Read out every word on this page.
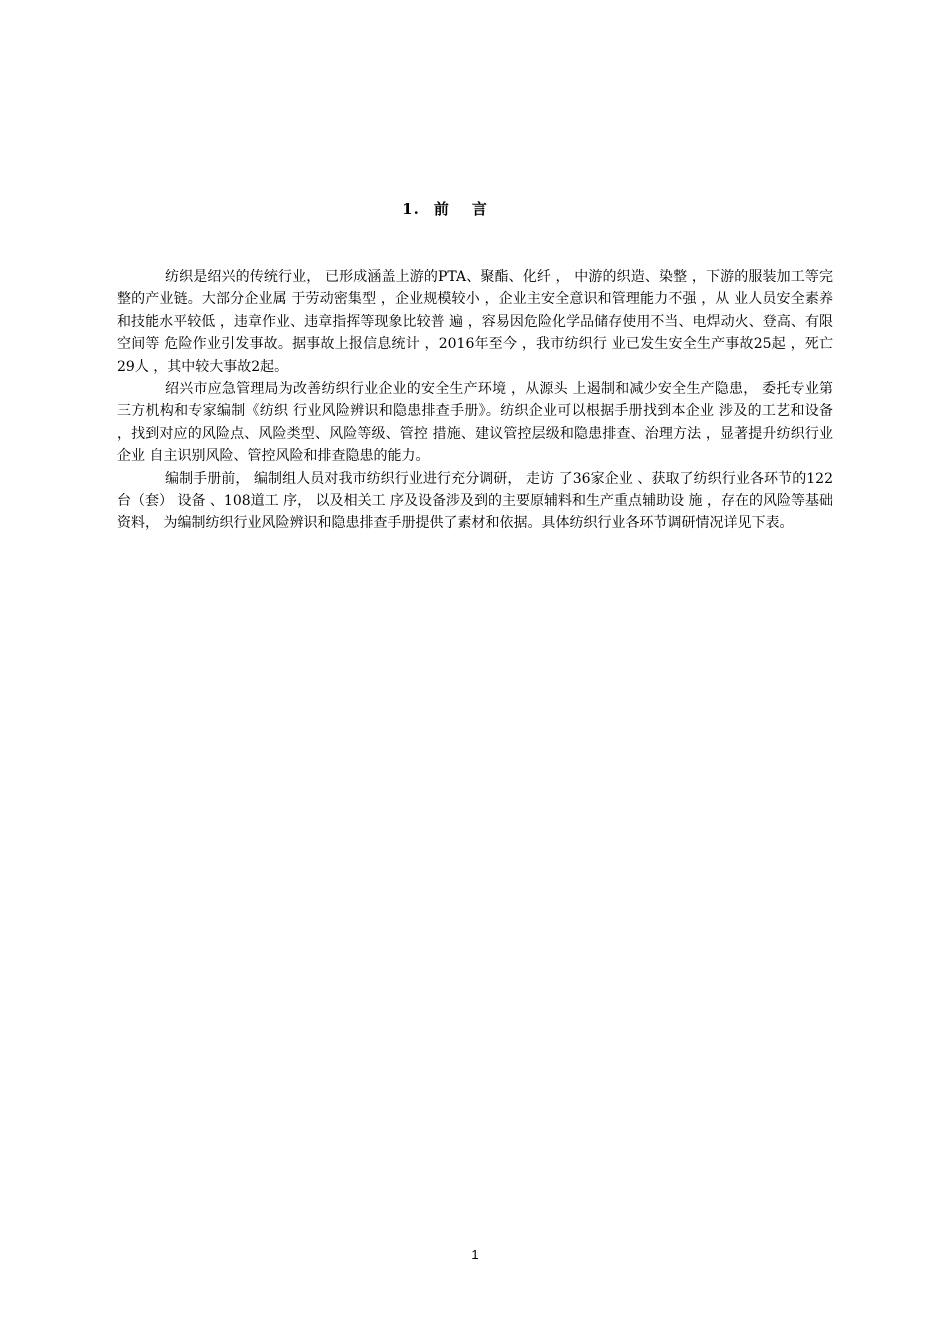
1. 前 言

纺织是绍兴的传统行业， 已形成涵盖上游的PTA、聚酯、化纤 ， 中游的织造、染整 ，下游的服装加工等完整的产业链。大部分企业属 于劳动密集型 ，企业规模较小 ，企业主安全意识和管理能力不强 ，从 业人员安全素养和技能水平较低 ，违章作业、违章指挥等现象比较普 遍 ，容易因危险化学品储存使用不当、电焊动火、登高、有限空间等 危险作业引发事故。据事故上报信息统计 ，2016年至今 ，我市纺织行 业已发生安全生产事故25起 ，死亡29人 ，其中较大事故2起。

绍兴市应急管理局为改善纺织行业企业的安全生产环境 ，从源头 上遏制和减少安全生产隐患， 委托专业第三方机构和专家编制《纺织 行业风险辨识和隐患排查手册》。纺织企业可以根据手册找到本企业 涉及的工艺和设备 ，找到对应的风险点、风险类型、风险等级、管控 措施、建议管控层级和隐患排查、治理方法 ，显著提升纺织行业企业 自主识别风险、管控风险和排查隐患的能力。

编制手册前， 编制组人员对我市纺织行业进行充分调研， 走访 了36家企业 、获取了纺织行业各环节的122台（套） 设备 、108道工 序， 以及相关工 序及设备涉及到的主要原辅料和生产重点辅助设 施 ，存在的风险等基础资料， 为编制纺织行业风险辨识和隐患排查手册提供了素材和依据。具体纺织行业各环节调研情况详见下表。

1
